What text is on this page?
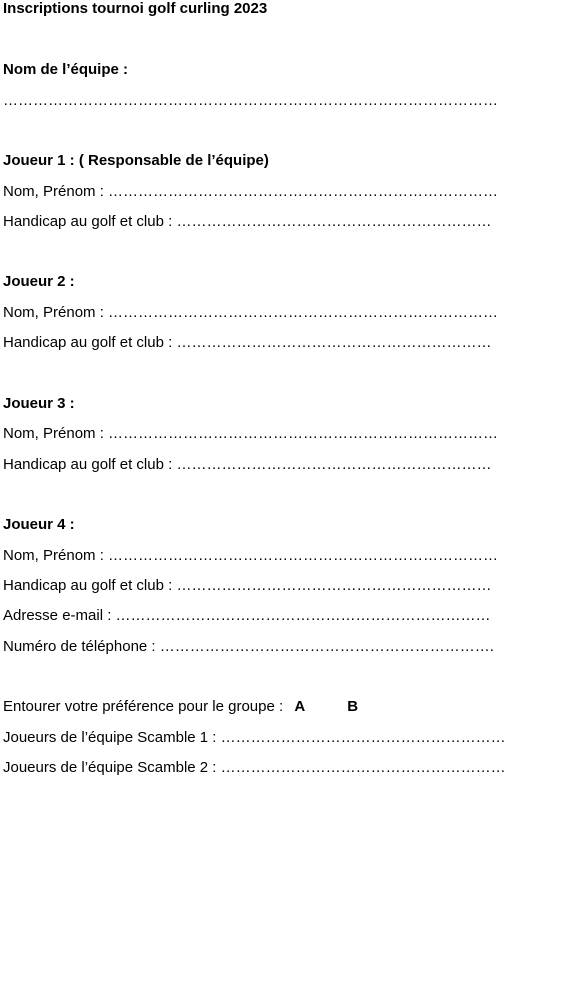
Inscriptions tournoi golf curling 2023
Nom de l’équipe :
………………………………………………………………………………………
Joueur 1 : ( Responsable de l’équipe)
Nom, Prénom : ……………………………………………………………………
Handicap au golf et club : ………………………………………………………
Joueur 2 :
Nom, Prénom : ……………………………………………………………………
Handicap au golf et club : ………………………………………………………
Joueur 3 :
Nom, Prénom : ……………………………………………………………………
Handicap au golf et club : ………………………………………………………
Joueur 4 :
Nom, Prénom : ……………………………………………………………………
Handicap au golf et club : ………………………………………………………
Adresse e-mail : …………………………………………………………………
Numéro de téléphone : ………………………………………………………….
Entourer votre préférence pour le groupe : A	B
Joueurs de l’équipe Scamble 1 : …………………………………………………
Joueurs de l’équipe Scamble 2 : …………………………………………………
